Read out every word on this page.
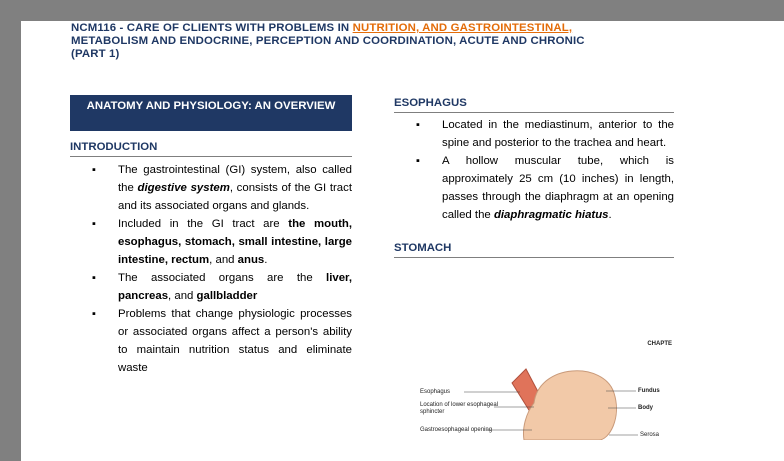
NCM116 - CARE OF CLIENTS WITH PROBLEMS IN NUTRITION, AND GASTROINTESTINAL,
METABOLISM AND ENDOCRINE, PERCEPTION AND COORDINATION, ACUTE AND CHRONIC
(PART 1)
ANATOMY AND PHYSIOLOGY: AN OVERVIEW
INTRODUCTION
▪ The gastrointestinal (GI) system, also called the digestive system, consists of the GI tract and its associated organs and glands.
▪ Included in the GI tract are the mouth, esophagus, stomach, small intestine, large intestine, rectum, and anus.
▪ The associated organs are the liver, pancreas, and gallbladder
▪ Problems that change physiologic processes or associated organs affect a person's ability to maintain nutrition status and eliminate waste
ESOPHAGUS
▪ Located in the mediastinum, anterior to the spine and posterior to the trachea and heart.
▪ A hollow muscular tube, which is approximately 25 cm (10 inches) in length, passes through the diaphragm at an opening called the diaphragmatic hiatus.
STOMACH
CHAPTE
Esophagus
Location of lower esophageal sphincter
Gastroesophageal opening
Fundus
Body
Serosa
